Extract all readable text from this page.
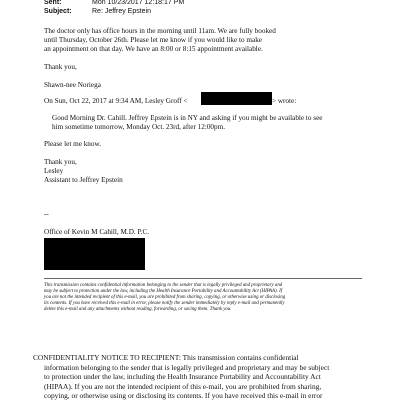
Sent:	Mon 10/23/2017 12:18:17 PM
Subject:	Re: Jeffrey Epstein
The doctor only has office hours in the morning until 11am. We are fully booked
until Thursday, October 26th. Please let me know if you would like to make
an appointment on that day. We have an 8:00 or 8:15 appointment available.
Thank you,
Shawn-nee Noriega
On Sun, Oct 22, 2017 at 9:34 AM, Lesley Groff <	> wrote:
Good Morning Dr. Cahill. Jeffrey Epstein is in NY and asking if you might be available to see
him sometime tomorrow, Monday Oct. 23rd, after 12:00pm.
Please let me know.
Thank you,
Lesley
Assistant to Jeffrey Epstein
--
Office of Kevin M Cahill, M.D. P.C.
This transmission contains confidential information belonging to the sender that is legally privileged and proprietary and
may be subject to protection under the law, including the Health Insurance Portability and Accountability Act (HIPAA). If
you are not the intended recipient of this e-mail, you are prohibited from sharing, copying, or otherwise using or disclosing
its contents. If you have received this e-mail in error, please notify the sender immediately by reply e-mail and permanently
delete this e-mail and any attachments without reading, forwarding, or saving them. Thank you.
CONFIDENTIALITY NOTICE TO RECIPIENT: This transmission contains confidential
information belonging to the sender that is legally privileged and proprietary and may be subject
to protection under the law, including the Health Insurance Portability and Accountability Act
(HIPAA). If you are not the intended recipient of this e-mail, you are prohibited from sharing,
copying, or otherwise using or disclosing its contents. If you have received this e-mail in error
